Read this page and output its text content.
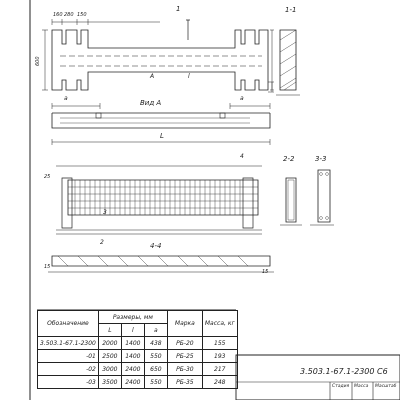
1-1
1
160 280 150
600
А
а	а
l
Вид А
L
4
3
2
25
15
15
4-4
2-2	3-3
Обозначение	Размеры, мм			Марка	Масса, кг
	L	l	a		
3.503.1-67.1-2300	2000	1400	438	РБ-20	155
-01	2500	1400	550	РБ-25	193
-02	3000	2400	650	РБ-30	217
-03	3500	2400	550	РБ-35	248
3.503.1-67.1-2300 С6
Стадия Масса Масштаб
